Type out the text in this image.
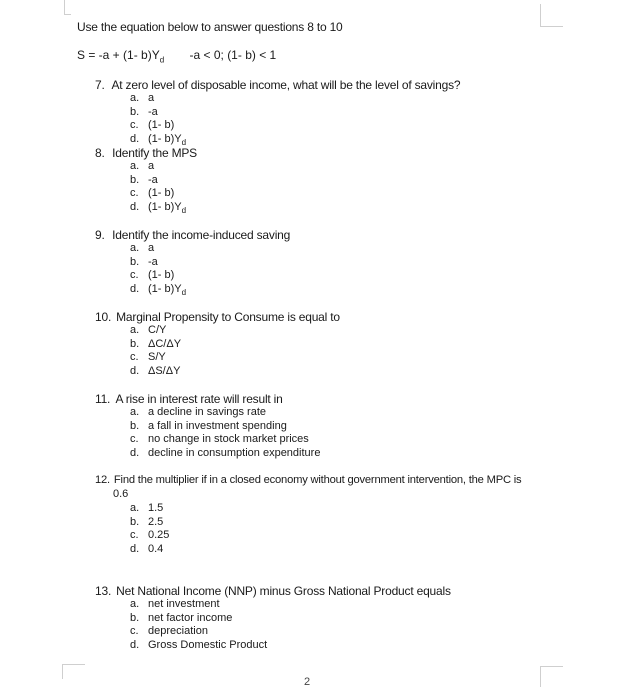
Use the equation below to answer questions 8 to 10
S = -a + (1- $b)Y_d$ -a < 0; (1- b) < 1
7. At zero level of disposable income, what will be the level of savings?
a. a
b. -a
c. (1- b)
d. (1- $b)Y_d$
8. Identify the MPS
a. a
b. -a
c. (1- b)
d. (1- $b)Y_d$
9. Identify the income-induced saving
a. a
b. -a
c. (1- b)
d. (1- $b)Y_d$
10. Marginal Propensity to Consume is equal to
a. C/Y
b. ΔC/ΔY
c. S/Y
d. ΔS/ΔY
11. A rise in interest rate will result in
a. a decline in savings rate
b. a fall in investment spending
c. no change in stock market prices
d. decline in consumption expenditure
12. Find the multiplier if in a closed economy without government intervention, the MPC is
0.6
a. 1.5
b. 2.5
c. 0.25
d. 0.4
13. Net National Income (NNP) minus Gross National Product equals
a. net investment
b. net factor income
c. depreciation
d. Gross Domestic Product
2
